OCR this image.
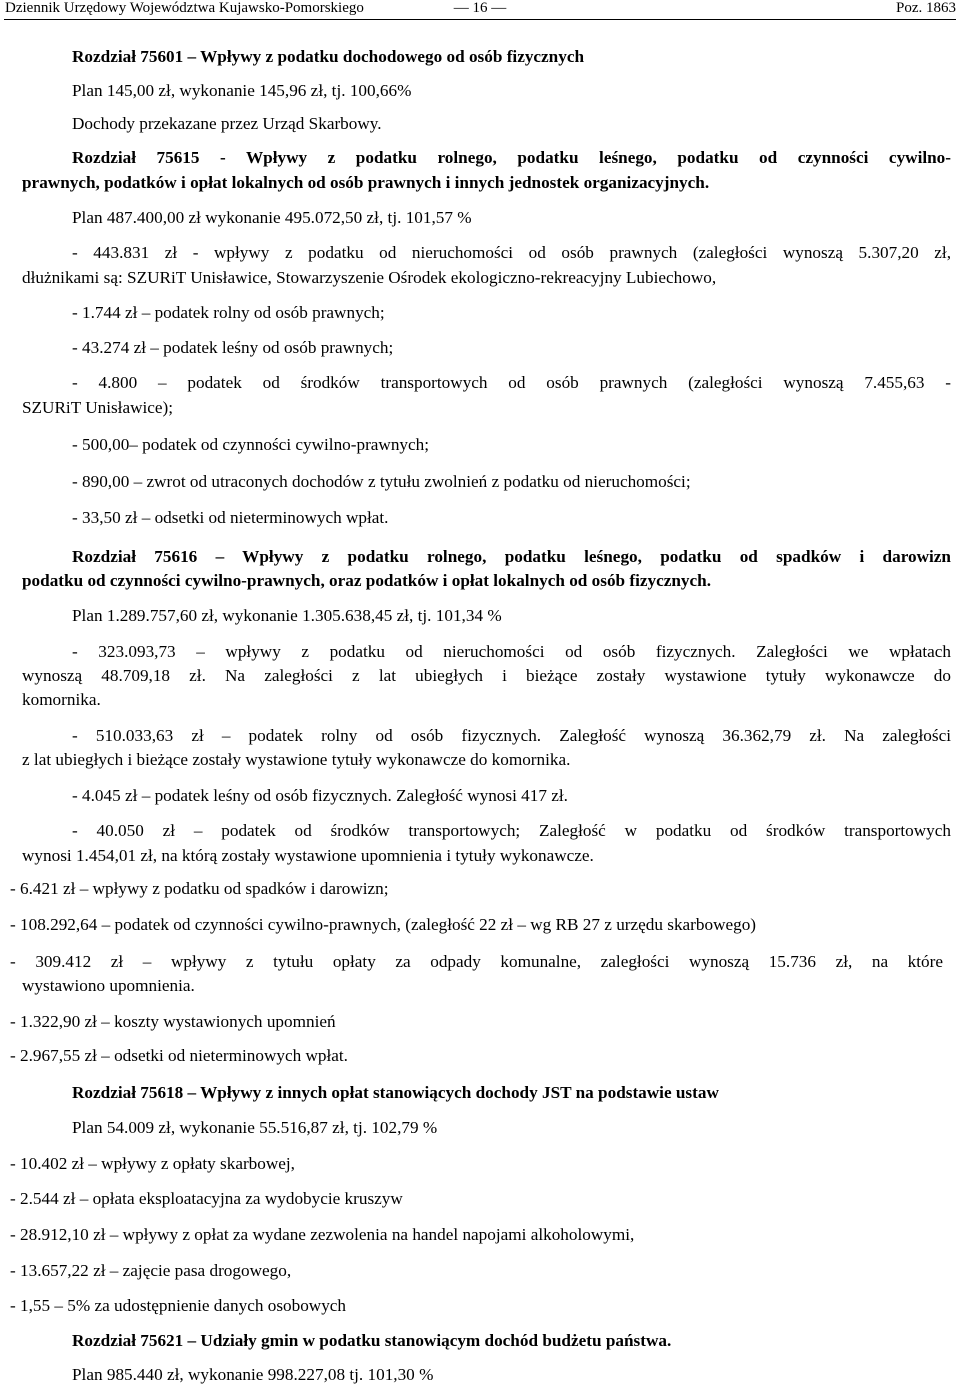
Dziennik Urzędowy Województwa Kujawsko-Pomorskiego	— 16 —	Poz. 1863
Rozdział 75601 – Wpływy z podatku dochodowego od osób fizycznych
Plan 145,00 zł, wykonanie 145,96 zł, tj. 100,66%
Dochody przekazane przez Urząd Skarbowy.
Rozdział 75615 - Wpływy z podatku rolnego, podatku leśnego, podatku od czynności cywilno-
prawnych, podatków i opłat lokalnych od osób prawnych i innych jednostek organizacyjnych.
Plan 487.400,00 zł wykonanie 495.072,50 zł, tj. 101,57 %
- 443.831 zł - wpływy z podatku od nieruchomości od osób prawnych (zaległości wynoszą 5.307,20 zł,
dłużnikami są: SZURiT Unisławice, Stowarzyszenie Ośrodek ekologiczno-rekreacyjny Lubiechowo,
- 1.744 zł – podatek rolny od osób prawnych;
- 43.274 zł – podatek leśny od osób prawnych;
- 4.800 – podatek od środków transportowych od osób prawnych (zaległości wynoszą 7.455,63 -
SZURiT Unisławice);
- 500,00– podatek od czynności cywilno-prawnych;
- 890,00 – zwrot od utraconych dochodów z tytułu zwolnień z podatku od nieruchomości;
- 33,50 zł – odsetki od nieterminowych wpłat.
Rozdział 75616 – Wpływy z podatku rolnego, podatku leśnego, podatku od spadków i darowizn
podatku od czynności cywilno-prawnych, oraz podatków i opłat lokalnych od osób fizycznych.
Plan 1.289.757,60 zł, wykonanie 1.305.638,45 zł, tj. 101,34 %
- 323.093,73 – wpływy z podatku od nieruchomości od osób fizycznych. Zaległości we wpłatach
wynoszą 48.709,18 zł. Na zaległości z lat ubiegłych i bieżące zostały wystawione tytuły wykonawcze do
komornika.
- 510.033,63 zł – podatek rolny od osób fizycznych. Zaległość wynoszą 36.362,79 zł. Na zaległości
z lat ubiegłych i bieżące zostały wystawione tytuły wykonawcze do komornika.
- 4.045 zł – podatek leśny od osób fizycznych. Zaległość wynosi 417 zł.
- 40.050 zł – podatek od środków transportowych; Zaległość w podatku od środków transportowych
wynosi 1.454,01 zł, na którą zostały wystawione upomnienia i tytuły wykonawcze.
- 6.421 zł – wpływy z podatku od spadków i darowizn;
- 108.292,64 – podatek od czynności cywilno-prawnych, (zaległość 22 zł – wg RB 27 z urzędu skarbowego)
- 309.412 zł – wpływy z tytułu opłaty za odpady komunalne, zaległości wynoszą 15.736 zł, na które
wystawiono upomnienia.
- 1.322,90 zł – koszty wystawionych upomnień
- 2.967,55 zł – odsetki od nieterminowych wpłat.
Rozdział 75618 – Wpływy z innych opłat stanowiących dochody JST na podstawie ustaw
Plan 54.009 zł, wykonanie 55.516,87 zł, tj. 102,79 %
- 10.402 zł – wpływy z opłaty skarbowej,
- 2.544 zł – opłata eksploatacyjna za wydobycie kruszyw
- 28.912,10 zł – wpływy z opłat za wydane zezwolenia na handel napojami alkoholowymi,
- 13.657,22 zł – zajęcie pasa drogowego,
- 1,55 – 5% za udostępnienie danych osobowych
Rozdział 75621 – Udziały gmin w podatku stanowiącym dochód budżetu państwa.
Plan 985.440 zł, wykonanie 998.227,08 tj. 101,30 %
